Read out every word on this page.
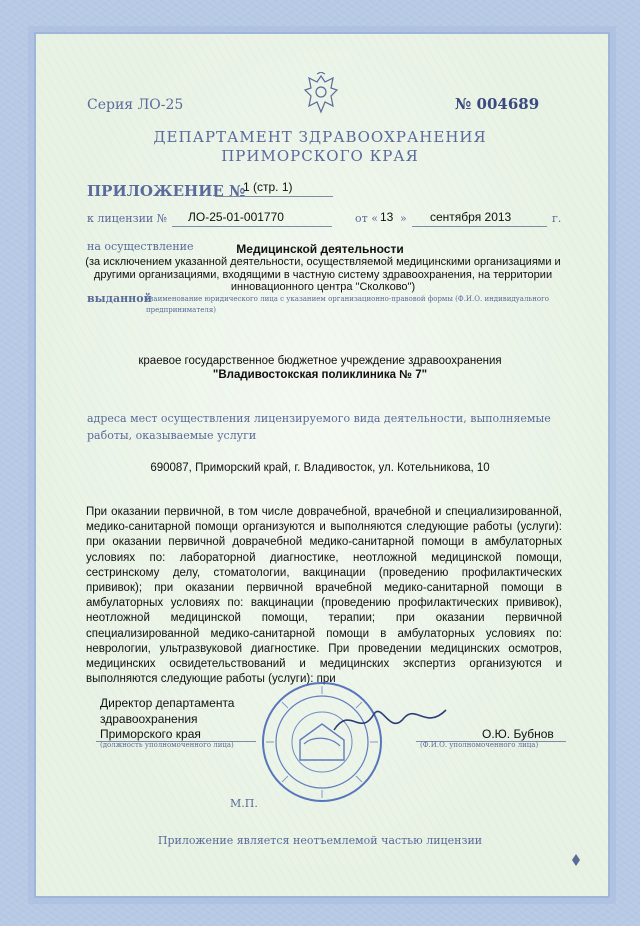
Серия ЛО-25	№ 004689
ДЕПАРТАМЕНТ ЗДРАВООХРАНЕНИЯ
ПРИМОРСКОГО КРАЯ
ПРИЛОЖЕНИЕ №
1 (стр. 1)
к лицензии № ЛО-25-01-001770	от « 13 » сентября 2013	г.
на осуществление	Медицинской деятельности
(за исключением указанной деятельности, осуществляемой медицинскими организациями и другими организациями, входящими в частную систему здравоохранения, на территории инновационного центра "Сколково")
выданной
(наименование юридического лица с указанием организационно-правовой формы (Ф.И.О. индивидуального предпринимателя)
краевое государственное бюджетное учреждение здравоохранения
"Владивостокская поликлиника № 7"
адреса мест осуществления лицензируемого вида деятельности, выполняемые работы, оказываемые услуги
690087, Приморский край, г. Владивосток, ул. Котельникова, 10
При оказании первичной, в том числе доврачебной, врачебной и специализированной, медико-санитарной помощи организуются и выполняются следующие работы (услуги): при оказании первичной доврачебной медико-санитарной помощи в амбулаторных условиях по: лабораторной диагностике, неотложной медицинской помощи, сестринскому делу, стоматологии, вакцинации (проведению профилактических прививок); при оказании первичной врачебной медико-санитарной помощи в амбулаторных условиях по: вакцинации (проведению профилактических прививок), неотложной медицинской помощи, терапии; при оказании первичной специализированной медико-санитарной помощи в амбулаторных условиях по: неврологии, ультразвуковой диагностике. При проведении медицинских осмотров, медицинских освидетельствований и медицинских экспертиз организуются и выполняются следующие работы (услуги): при
Директор департамента
здравоохранения
Приморского края
(должность уполномоченного лица)
О.Ю. Бубнов
(Ф.И.О. уполномоченного лица)
М.П.
Приложение является неотъемлемой частью лицензии
